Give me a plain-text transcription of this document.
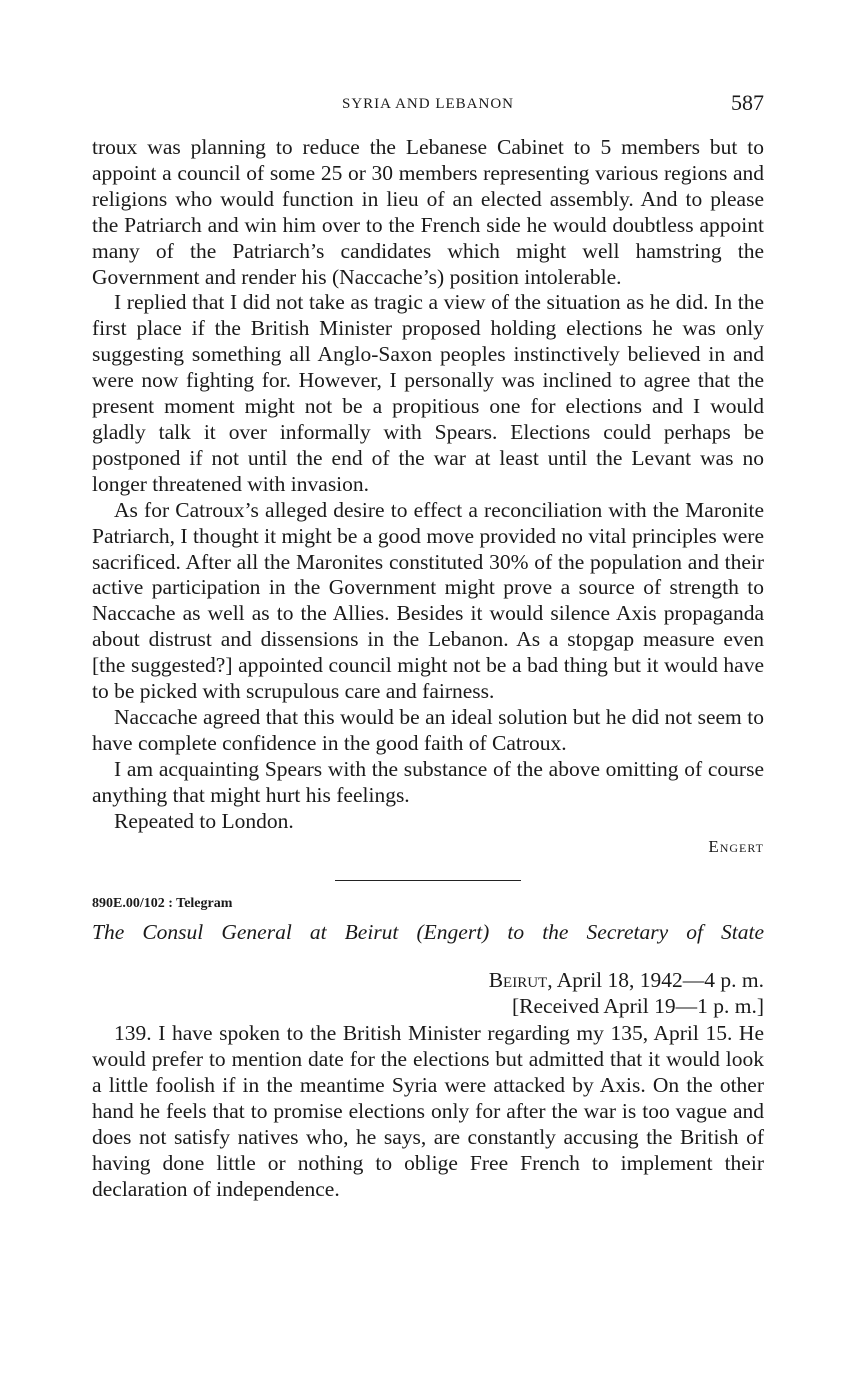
SYRIA AND LEBANON	587

troux was planning to reduce the Lebanese Cabinet to 5 members but to appoint a council of some 25 or 30 members representing various regions and religions who would function in lieu of an elected assembly. And to please the Patriarch and win him over to the French side he would doubtless appoint many of the Patriarch’s candidates which might well hamstring the Government and render his (Naccache’s) position intolerable.

I replied that I did not take as tragic a view of the situation as he did. In the first place if the British Minister proposed holding elections he was only suggesting something all Anglo-Saxon peoples instinctively believed in and were now fighting for. However, I personally was inclined to agree that the present moment might not be a propitious one for elections and I would gladly talk it over informally with Spears. Elections could perhaps be postponed if not until the end of the war at least until the Levant was no longer threatened with invasion.

As for Catroux’s alleged desire to effect a reconciliation with the Maronite Patriarch, I thought it might be a good move provided no vital principles were sacrificed. After all the Maronites constituted 30% of the population and their active participation in the Government might prove a source of strength to Naccache as well as to the Allies. Besides it would silence Axis propaganda about distrust and dissensions in the Lebanon. As a stopgap measure even [the suggested?] appointed council might not be a bad thing but it would have to be picked with scrupulous care and fairness.

Naccache agreed that this would be an ideal solution but he did not seem to have complete confidence in the good faith of Catroux.

I am acquainting Spears with the substance of the above omitting of course anything that might hurt his feelings.

Repeated to London.

Engert

890E.00/102 : Telegram

The Consul General at Beirut (Engert) to the Secretary of State

Beirut, April 18, 1942—4 p. m.

[Received April 19—1 p. m.]

139. I have spoken to the British Minister regarding my 135, April 15. He would prefer to mention date for the elections but admitted that it would look a little foolish if in the meantime Syria were attacked by Axis. On the other hand he feels that to promise elections only for after the war is too vague and does not satisfy natives who, he says, are constantly accusing the British of having done little or nothing to oblige Free French to implement their declaration of independence.
